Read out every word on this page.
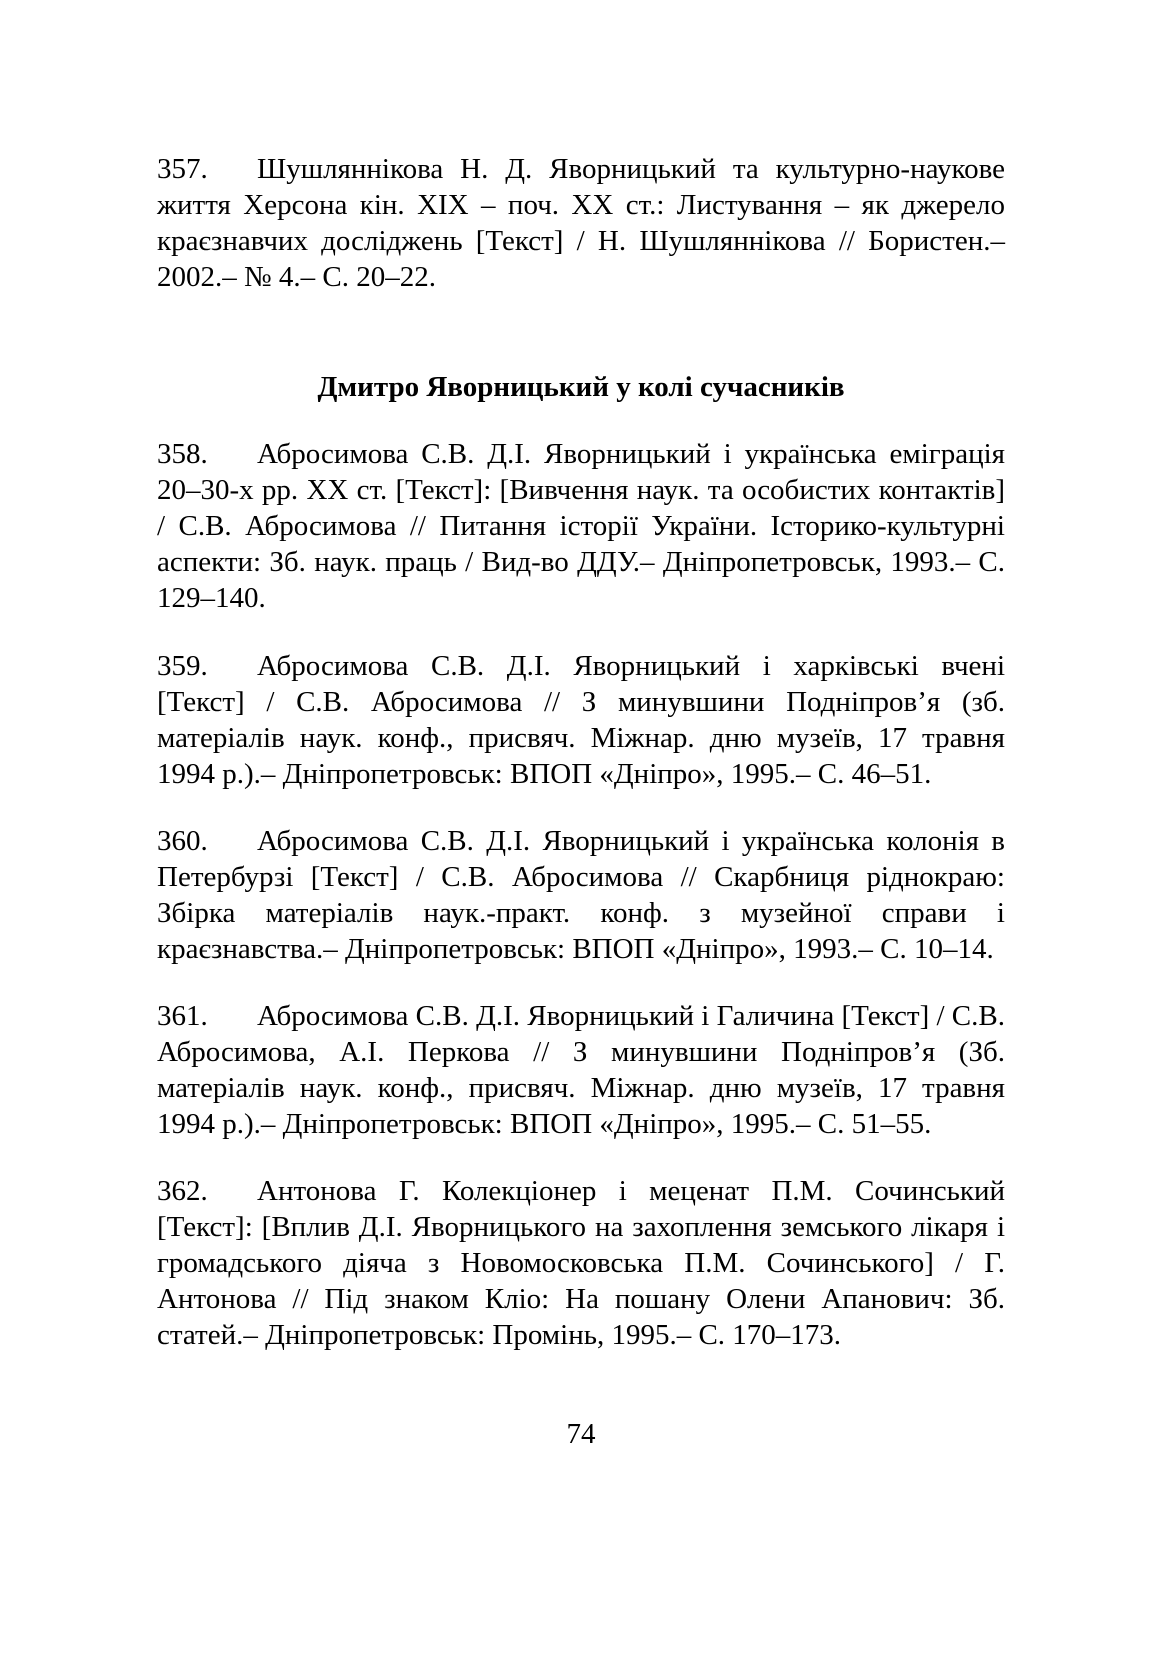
357. Шушляннікова Н. Д. Яворницький та культурно-наукове життя Херсона кін. ХІХ – поч. ХХ ст.: Листування – як джерело краєзнавчих досліджень [Текст] / Н. Шушляннікова // Бористен.– 2002.– № 4.– С. 20–22.

Дмитро Яворницький у колі сучасників

358. Абросимова С.В. Д.І. Яворницький і українська еміграція 20–30-х рр. ХХ ст. [Текст]: [Вивчення наук. та особистих контактів] / С.В. Абросимова // Питання історії України. Історико-культурні аспекти: Зб. наук. праць / Вид-во ДДУ.– Дніпропетровськ, 1993.– С. 129–140.

359. Абросимова С.В. Д.І. Яворницький і харківські вчені [Текст] / С.В. Абросимова // З минувшини Подніпров’я (зб. матеріалів наук. конф., присвяч. Міжнар. дню музеїв, 17 травня 1994 р.).– Дніпропетровськ: ВПОП «Дніпро», 1995.– С. 46–51.

360. Абросимова С.В. Д.І. Яворницький і українська колонія в Петербурзі [Текст] / С.В. Абросимова // Скарбниця ріднокраю: Збірка матеріалів наук.-практ. конф. з музейної справи і краєзнавства.– Дніпропетровськ: ВПОП «Дніпро», 1993.– С. 10–14.

361. Абросимова С.В. Д.І. Яворницький і Галичина [Текст] / С.В. Абросимова, А.І. Перкова // З минувшини Подніпров’я (Зб. матеріалів наук. конф., присвяч. Міжнар. дню музеїв, 17 травня 1994 р.).– Дніпропетровськ: ВПОП «Дніпро», 1995.– С. 51–55.

362. Антонова Г. Колекціонер і меценат П.М. Сочинський [Текст]: [Вплив Д.І. Яворницького на захоплення земського лікаря і громадського діяча з Новомосковська П.М. Сочинського] / Г. Антонова // Під знаком Кліо: На пошану Олени Апанович: Зб. статей.– Дніпропетровськ: Промінь, 1995.– С. 170–173.

74
